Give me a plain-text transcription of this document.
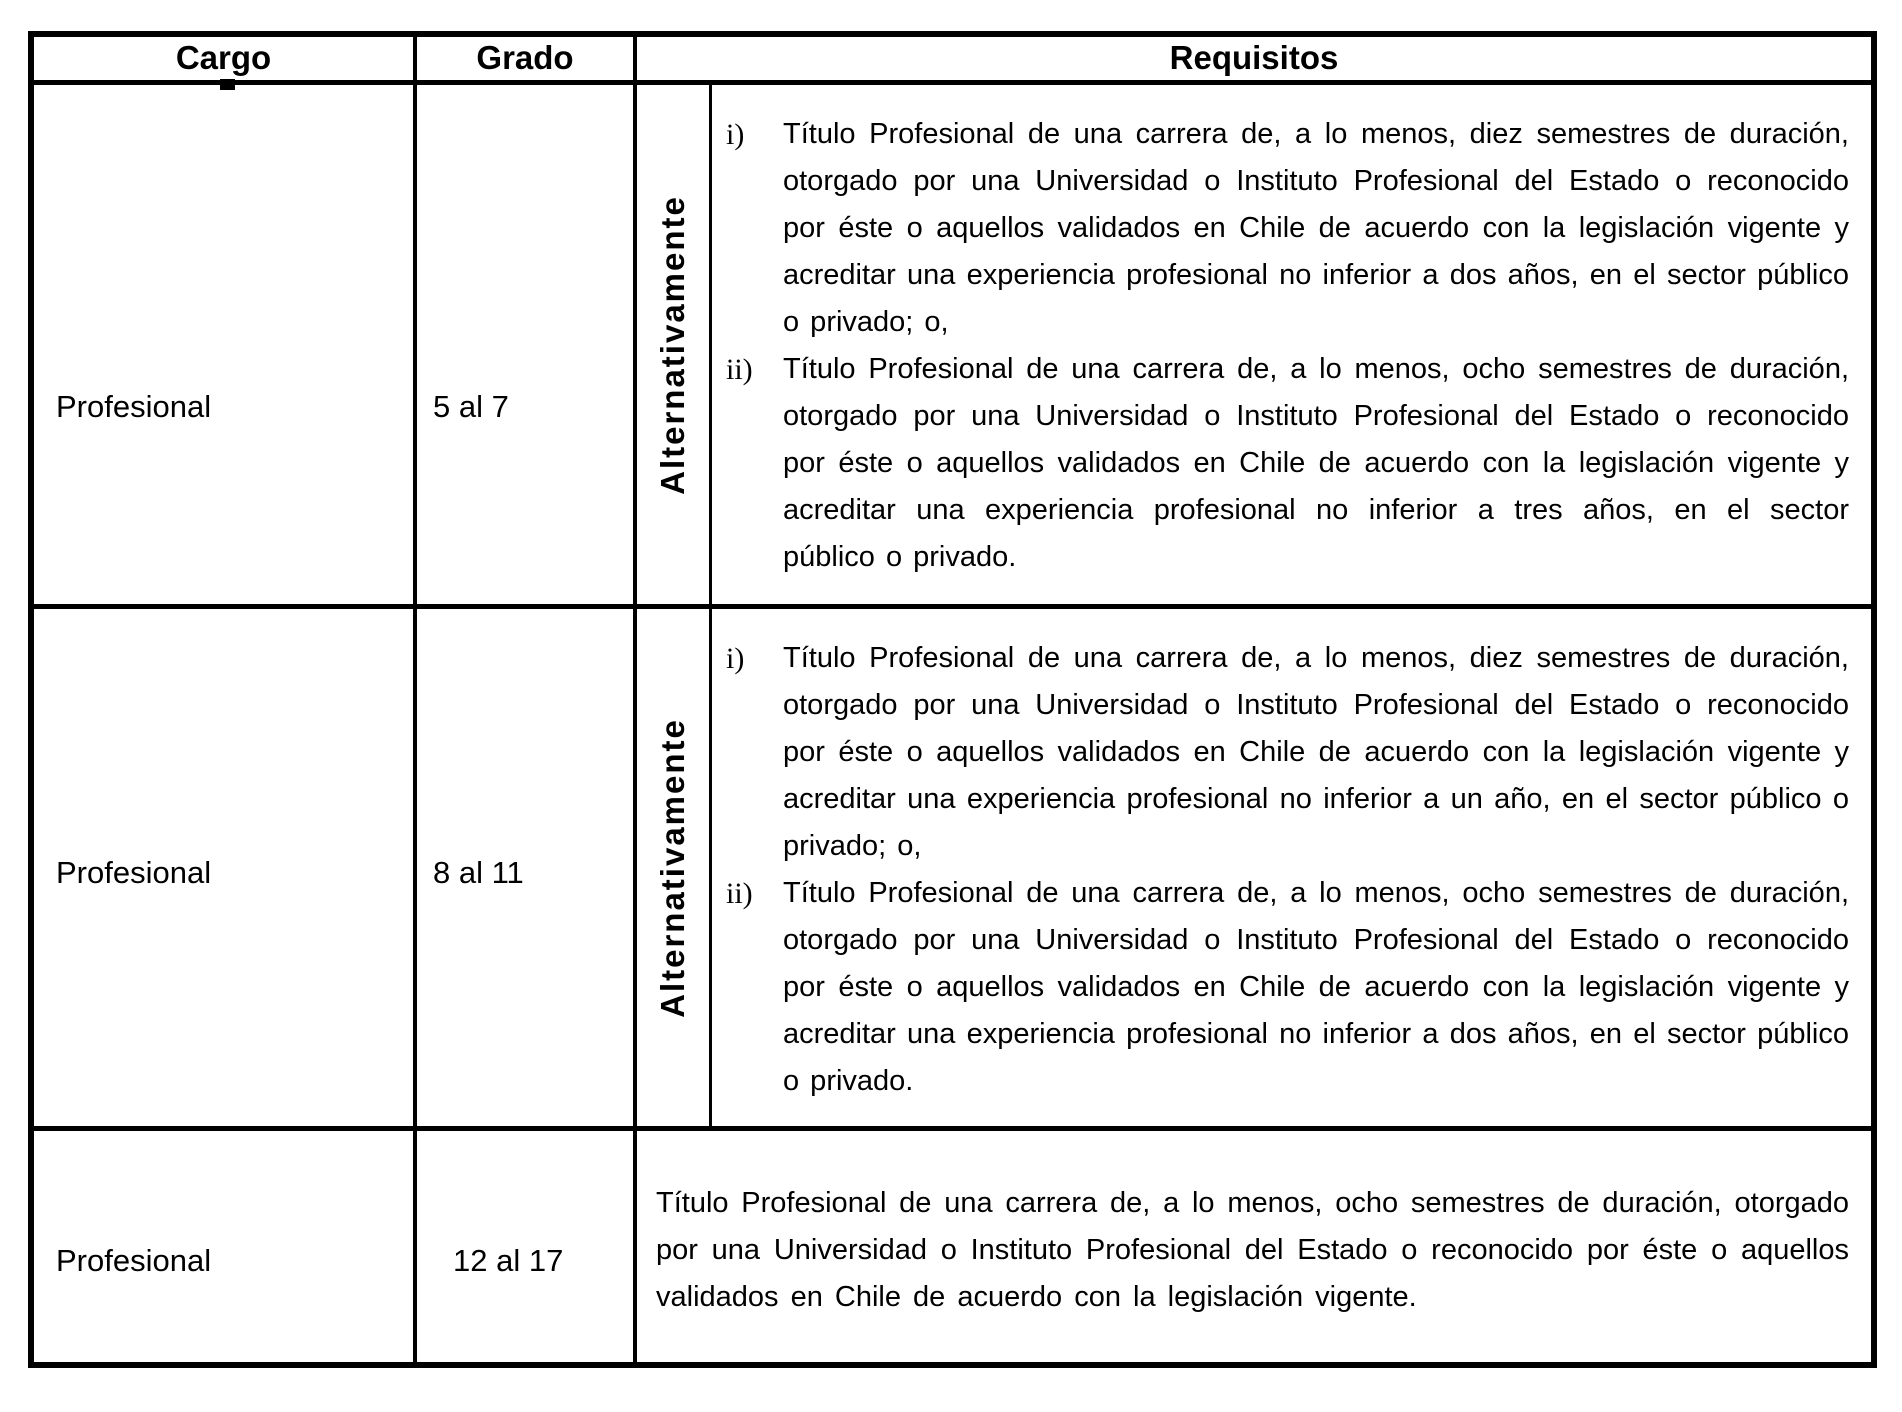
Cargo	Grado	Requisitos
Profesional	5 al 7	Alternativamente
i)	Título Profesional de una carrera de, a lo menos, diez semestres de duración, otorgado por una Universidad o Instituto Profesional del Estado o reconocido por éste o aquellos validados en Chile de acuerdo con la legislación vigente y acreditar una experiencia profesional no inferior a dos años, en el sector público o privado; o,
ii)	Título Profesional de una carrera de, a lo menos, ocho semestres de duración, otorgado por una Universidad o Instituto Profesional del Estado o reconocido por éste o aquellos validados en Chile de acuerdo con la legislación vigente y acreditar una experiencia profesional no inferior a tres años, en el sector público o privado.
Profesional	8 al 11	Alternativamente
i)	Título Profesional de una carrera de, a lo menos, diez semestres de duración, otorgado por una Universidad o Instituto Profesional del Estado o reconocido por éste o aquellos validados en Chile de acuerdo con la legislación vigente y acreditar una experiencia profesional no inferior a un año, en el sector público o privado; o,
ii)	Título Profesional de una carrera de, a lo menos, ocho semestres de duración, otorgado por una Universidad o Instituto Profesional del Estado o reconocido por éste o aquellos validados en Chile de acuerdo con la legislación vigente y acreditar una experiencia profesional no inferior a dos años, en el sector público o privado.
Profesional	12 al 17
Título Profesional de una carrera de, a lo menos, ocho semestres de duración, otorgado por una Universidad o Instituto Profesional del Estado o reconocido por éste o aquellos validados en Chile de acuerdo con la legislación vigente.
